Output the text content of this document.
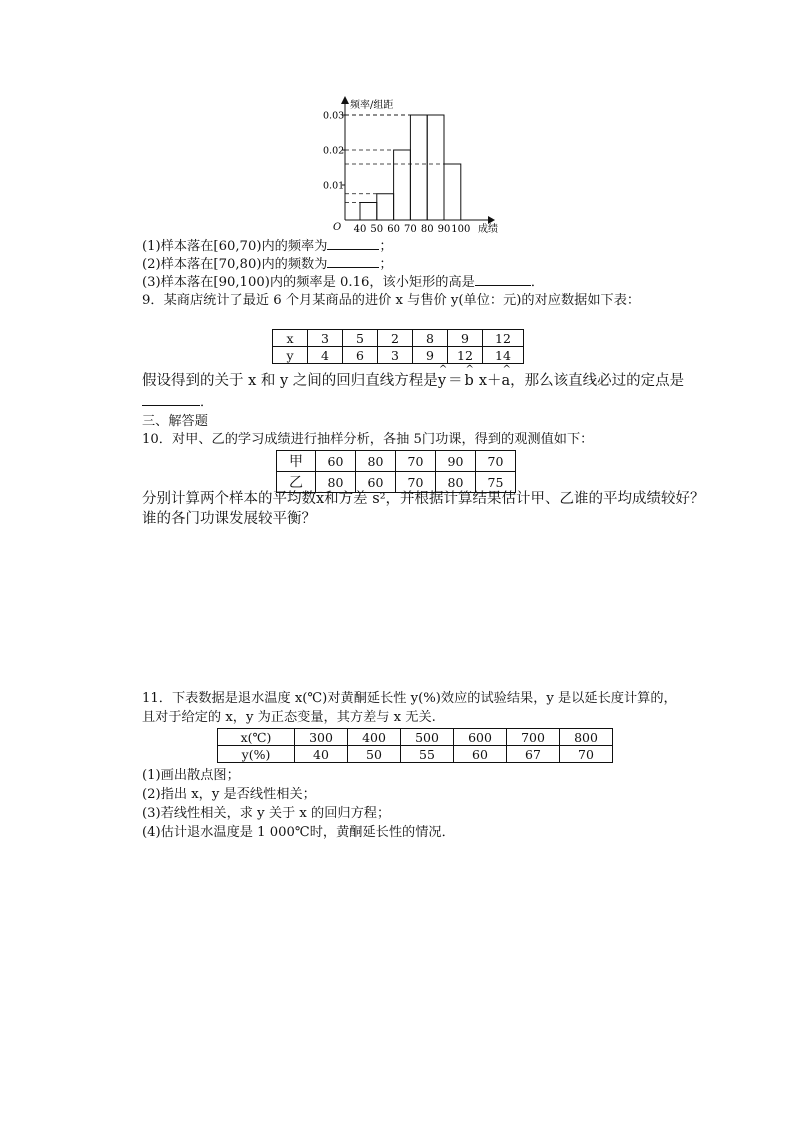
0.03
0.02
0.01
40 50 60 70 80 90 100
频率/组距
成绩
O
(1)样本落在[60,70)内的频率为	；
(2)样本落在[70,80)内的频数为	；
(3)样本落在[90,100)内的频率是 0.16，该小矩形的高是	．
9．某商店统计了最近 6 个月某商品的进价 x 与售价 y(单位：元)的对应数据如下表：
x	3	5	2	8	9	12
y	4	6	3	9	12	14
假设得到的关于 x 和 y 之间的回归直线方程是
^
y ＝
^
b x＋
^
a，那么该直线必过的定点是
．
三、解答题
10．对甲、乙的学习成绩进行抽样分析，各抽 5门功课，得到的观测值如下：
甲	60	80	70	90	70
乙	80	60	70	80	75
分别计算两个样本的平均数x̄和方差 s²，并根据计算结果估计甲、乙谁的平均成绩较好？
谁的各门功课发展较平衡？
11．下表数据是退水温度 x(℃)对黄酮延长性 y(%)效应的试验结果，y 是以延长度计算的，
且对于给定的 x，y 为正态变量，其方差与 x 无关.
x(℃)	300	400	500	600	700	800
y(%)	40	50	55	60	67	70
(1)画出散点图；
(2)指出 x，y 是否线性相关；
(3)若线性相关，求 y 关于 x 的回归方程；
(4)估计退水温度是 1 000℃时，黄酮延长性的情况．
